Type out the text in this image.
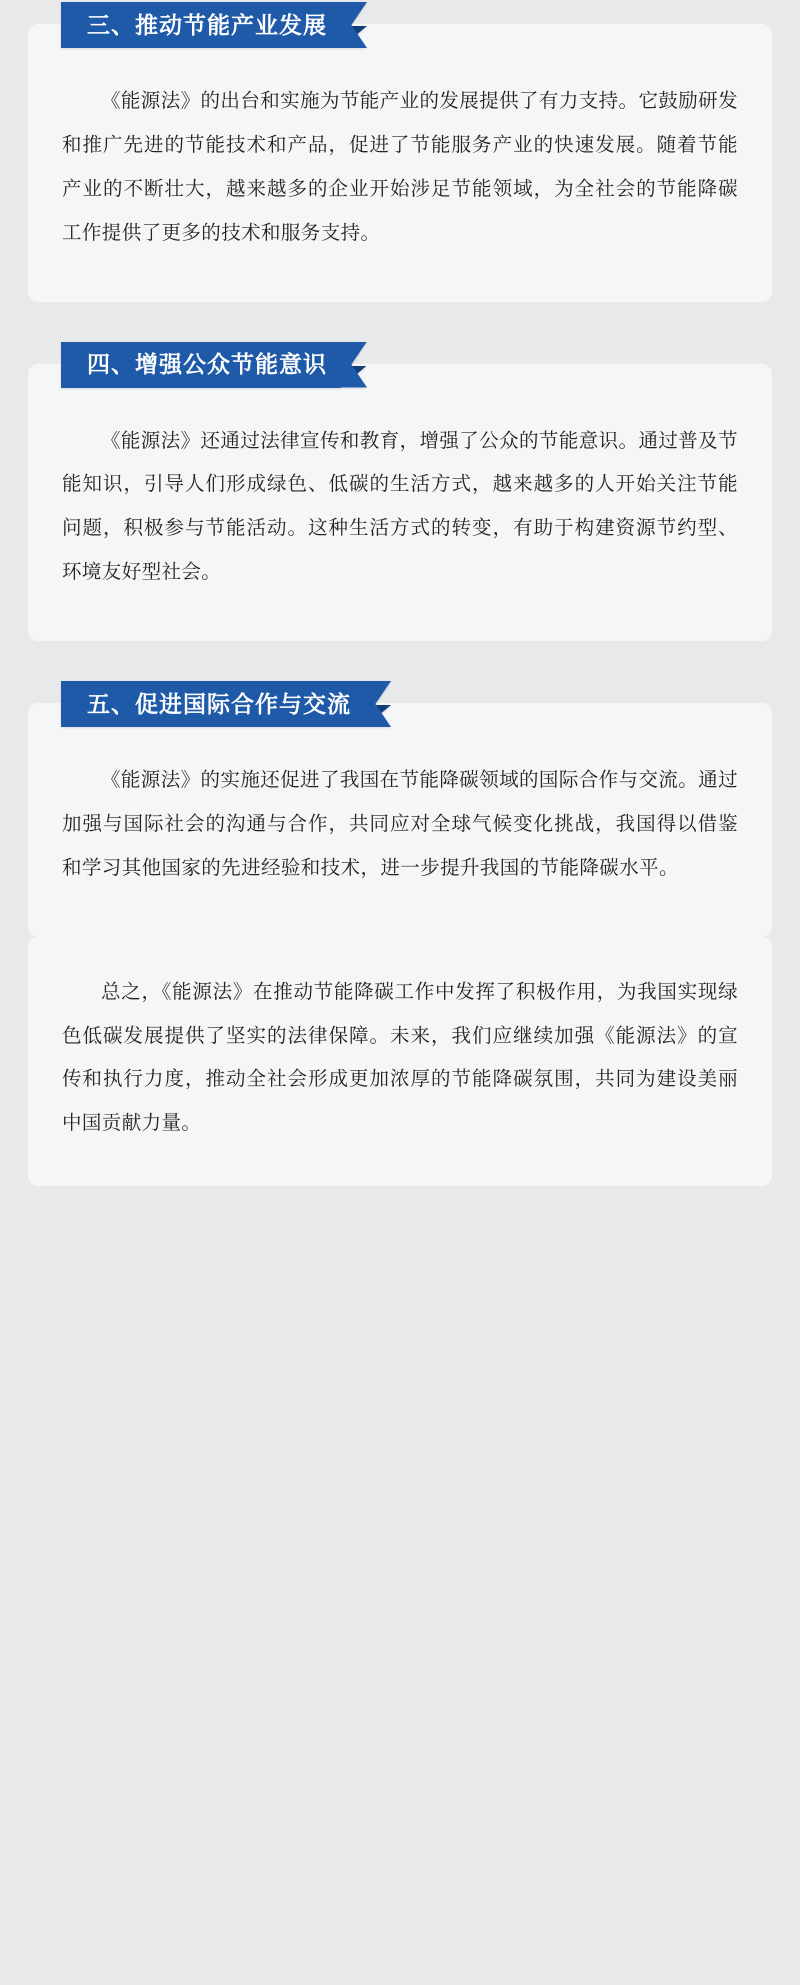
三、推动节能产业发展

《能源法》的出台和实施为节能产业的发展提供了有力支持。它鼓励研发和推广先进的节能技术和产品，促进了节能服务产业的快速发展。随着节能产业的不断壮大，越来越多的企业开始涉足节能领域，为全社会的节能降碳工作提供了更多的技术和服务支持。

四、增强公众节能意识

《能源法》还通过法律宣传和教育，增强了公众的节能意识。通过普及节能知识，引导人们形成绿色、低碳的生活方式，越来越多的人开始关注节能问题，积极参与节能活动。这种生活方式的转变，有助于构建资源节约型、环境友好型社会。

五、促进国际合作与交流

《能源法》的实施还促进了我国在节能降碳领域的国际合作与交流。通过加强与国际社会的沟通与合作，共同应对全球气候变化挑战，我国得以借鉴和学习其他国家的先进经验和技术，进一步提升我国的节能降碳水平。

总之，《能源法》在推动节能降碳工作中发挥了积极作用，为我国实现绿色低碳发展提供了坚实的法律保障。未来，我们应继续加强《能源法》的宣传和执行力度，推动全社会形成更加浓厚的节能降碳氛围，共同为建设美丽中国贡献力量。
